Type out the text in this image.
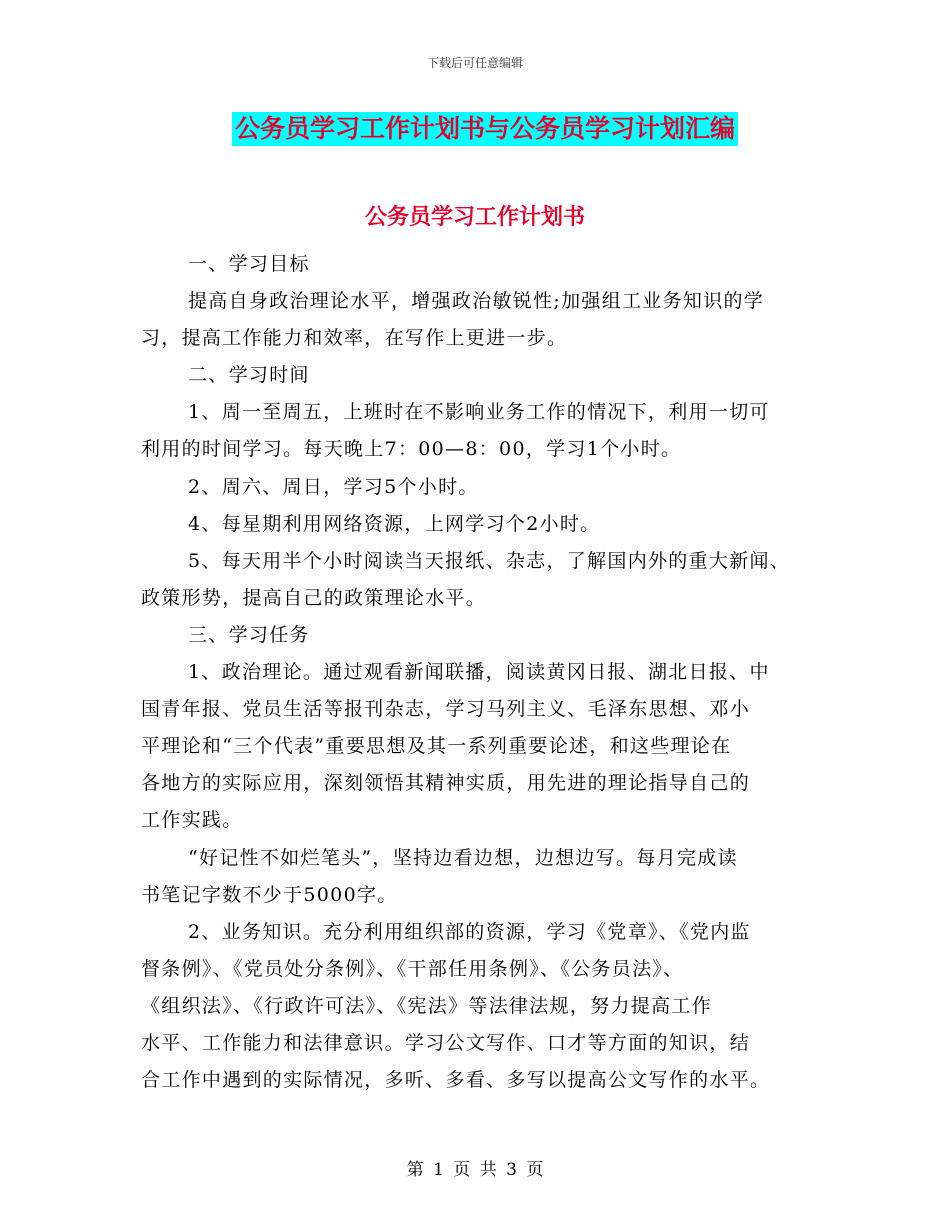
下载后可任意编辑
公务员学习工作计划书与公务员学习计划汇编
公务员学习工作计划书
一、学习目标
提高自身政治理论水平，增强政治敏锐性;加强组工业务知识的学
习，提高工作能力和效率，在写作上更进一步。
二、学习时间
1、周一至周五，上班时在不影响业务工作的情况下，利用一切可
利用的时间学习。每天晚上7：00—8：00，学习1个小时。
2、周六、周日，学习5个小时。
4、每星期利用网络资源，上网学习个2小时。
5、每天用半个小时阅读当天报纸、杂志，了解国内外的重大新闻、
政策形势，提高自己的政策理论水平。
三、学习任务
1、政治理论。通过观看新闻联播，阅读黄冈日报、湖北日报、中
国青年报、党员生活等报刊杂志，学习马列主义、毛泽东思想、邓小
平理论和“三个代表”重要思想及其一系列重要论述，和这些理论在
各地方的实际应用，深刻领悟其精神实质，用先进的理论指导自己的
工作实践。
“好记性不如烂笔头”，坚持边看边想，边想边写。每月完成读
书笔记字数不少于5000字。
2、业务知识。充分利用组织部的资源，学习《党章》、《党内监
督条例》、《党员处分条例》、《干部任用条例》、《公务员法》、
《组织法》、《行政许可法》、《宪法》等法律法规，努力提高工作
水平、工作能力和法律意识。学习公文写作、口才等方面的知识，结
合工作中遇到的实际情况，多听、多看、多写以提高公文写作的水平。
第 1 页 共 3 页
